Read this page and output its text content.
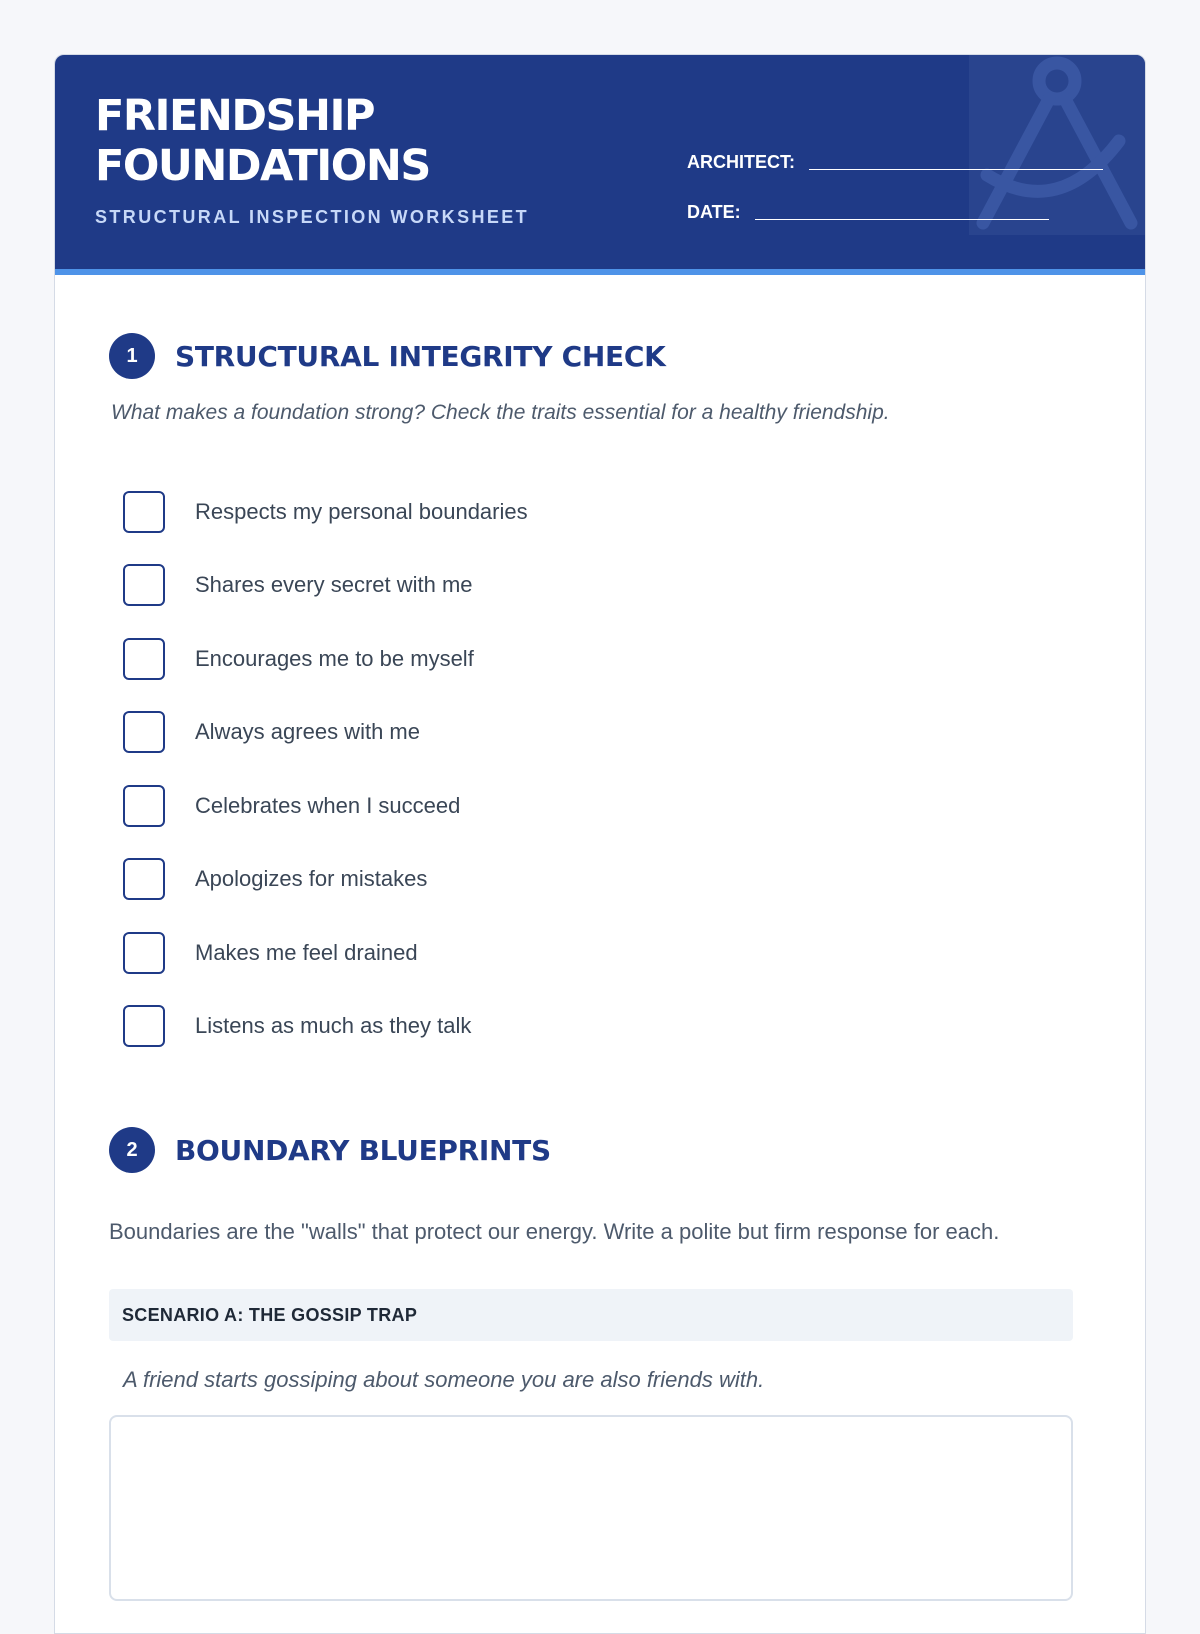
FRIENDSHIP
FOUNDATIONS
STRUCTURAL INSPECTION WORKSHEET
ARCHITECT:
DATE:
1	STRUCTURAL INTEGRITY CHECK
What makes a foundation strong? Check the traits essential for a healthy friendship.
Respects my personal boundaries
Shares every secret with me
Encourages me to be myself
Always agrees with me
Celebrates when I succeed
Apologizes for mistakes
Makes me feel drained
Listens as much as they talk
2	BOUNDARY BLUEPRINTS
Boundaries are the "walls" that protect our energy. Write a polite but firm response for each.
SCENARIO A: THE GOSSIP TRAP
A friend starts gossiping about someone you are also friends with.
